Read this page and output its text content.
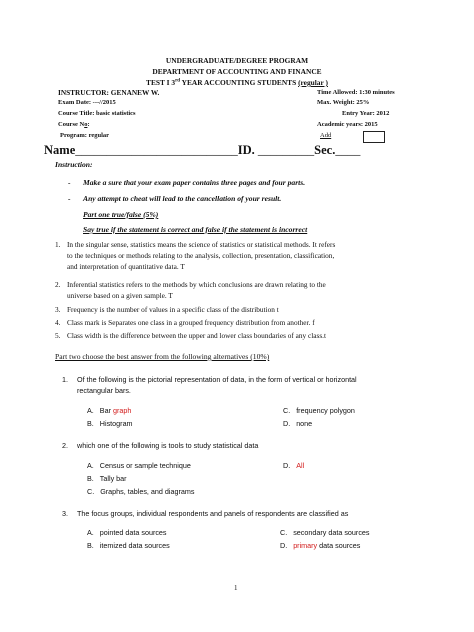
UNDERGRADUATE/DEGREE PROGRAM
DEPARTMENT OF ACCOUNTING AND FINANCE
TEST I 3rd YEAR ACCOUNTING STUDENTS (regular )
INSTRUCTOR: GENANEW W.	Time Allowed: 1:30 minutes
Exam Date: ---//2015	Max. Weight: 25%
Course Title: basic statistics	Entry Year: 2012
Course No:	Academic years: 2015
Program: regular	Add
Name__________________________ID. _________Sec.____
Instruction:
- Make a sure that your exam paper contains three pages and four parts.
- Any attempt to cheat will lead to the cancellation of your result.
Part one true/false (5%)
Say true if the statement is correct and false if the statement is incorrect
1. In the singular sense, statistics means the science of statistics or statistical methods. It refers
to the techniques or methods relating to the analysis, collection, presentation, classification,
and interpretation of quantitative data. T
2. Inferential statistics refers to the methods by which conclusions are drawn relating to the
universe based on a given sample. T
3. Frequency is the number of values in a specific class of the distribution t
4. Class mark is Separates one class in a grouped frequency distribution from another. f
5. Class width is the difference between the upper and lower class boundaries of any class.t
Part two choose the best answer from the following alternatives (10%)
1. Of the following is the pictorial representation of data, in the form of vertical or horizontal
rectangular bars.
A. Bar graph	C. frequency polygon
B. Histogram	D. none
2. which one of the following is tools to study statistical data
A. Census or sample technique	D. All
B. Tally bar
C. Graphs, tables, and diagrams
3. The focus groups, individual respondents and panels of respondents are classified as
A. pointed data sources	C. secondary data sources
B. itemized data sources	D. primary data sources
1
